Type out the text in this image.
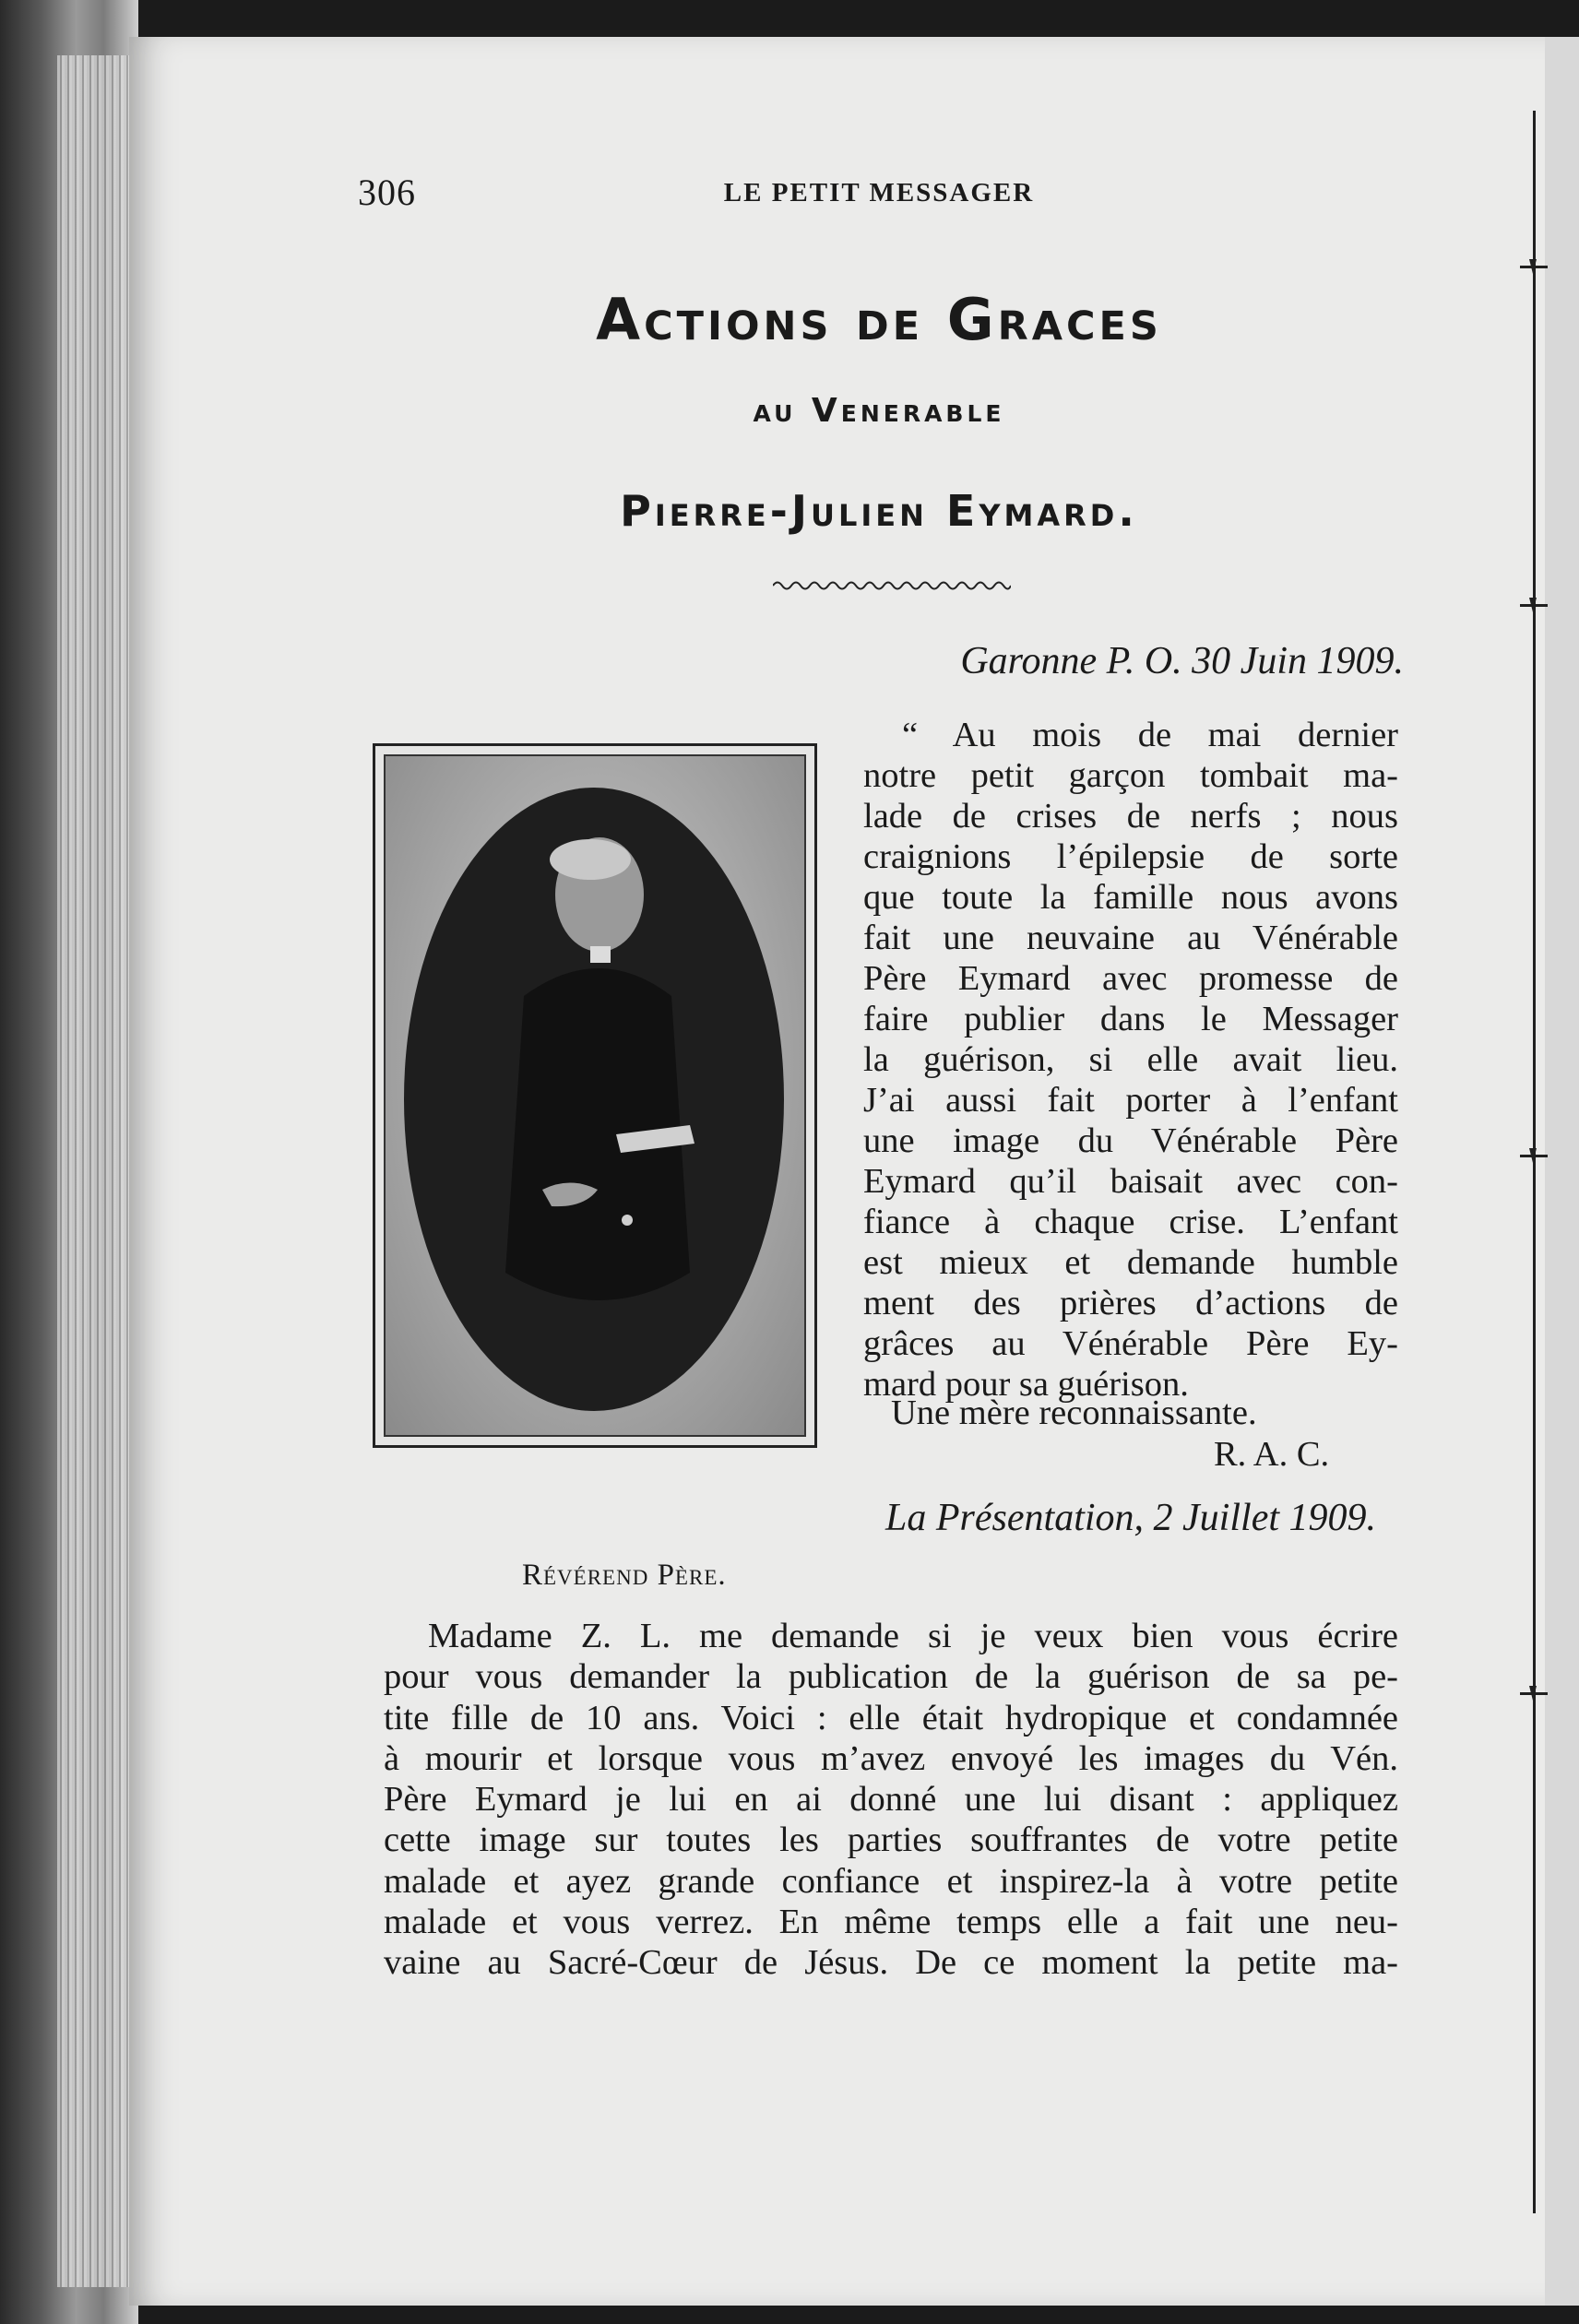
306	LE PETIT MESSAGER
Actions de Graces
au Venerable
Pierre-Julien Eymard.
Garonne P. O. 30 Juin 1909.
“ Au mois de mai dernier
notre petit garçon tombait ma-
lade de crises de nerfs ; nous
craignions l’épilepsie de sorte
que toute la famille nous avons
fait une neuvaine au Vénérable
Père Eymard avec promesse de
faire publier dans le Messager
la guérison, si elle avait lieu.
J’ai aussi fait porter à l’enfant
une image du Vénérable Père
Eymard qu’il baisait avec con-
fiance à chaque crise. L’enfant
est mieux et demande humble
ment des prières d’actions de
grâces au Vénérable Père Ey-
mard pour sa guérison.
Une mère reconnaissante.
R. A. C.
La Présentation, 2 Juillet 1909.
Révérend Père.
Madame Z. L. me demande si je veux bien vous écrire
pour vous demander la publication de la guérison de sa pe-
tite fille de 10 ans. Voici : elle était hydropique et condamnée
à mourir et lorsque vous m’avez envoyé les images du Vén.
Père Eymard je lui en ai donné une lui disant : appliquez
cette image sur toutes les parties souffrantes de votre petite
malade et ayez grande confiance et inspirez-la à votre petite
malade et vous verrez. En même temps elle a fait une neu-
vaine au Sacré-Cœur de Jésus. De ce moment la petite ma-
